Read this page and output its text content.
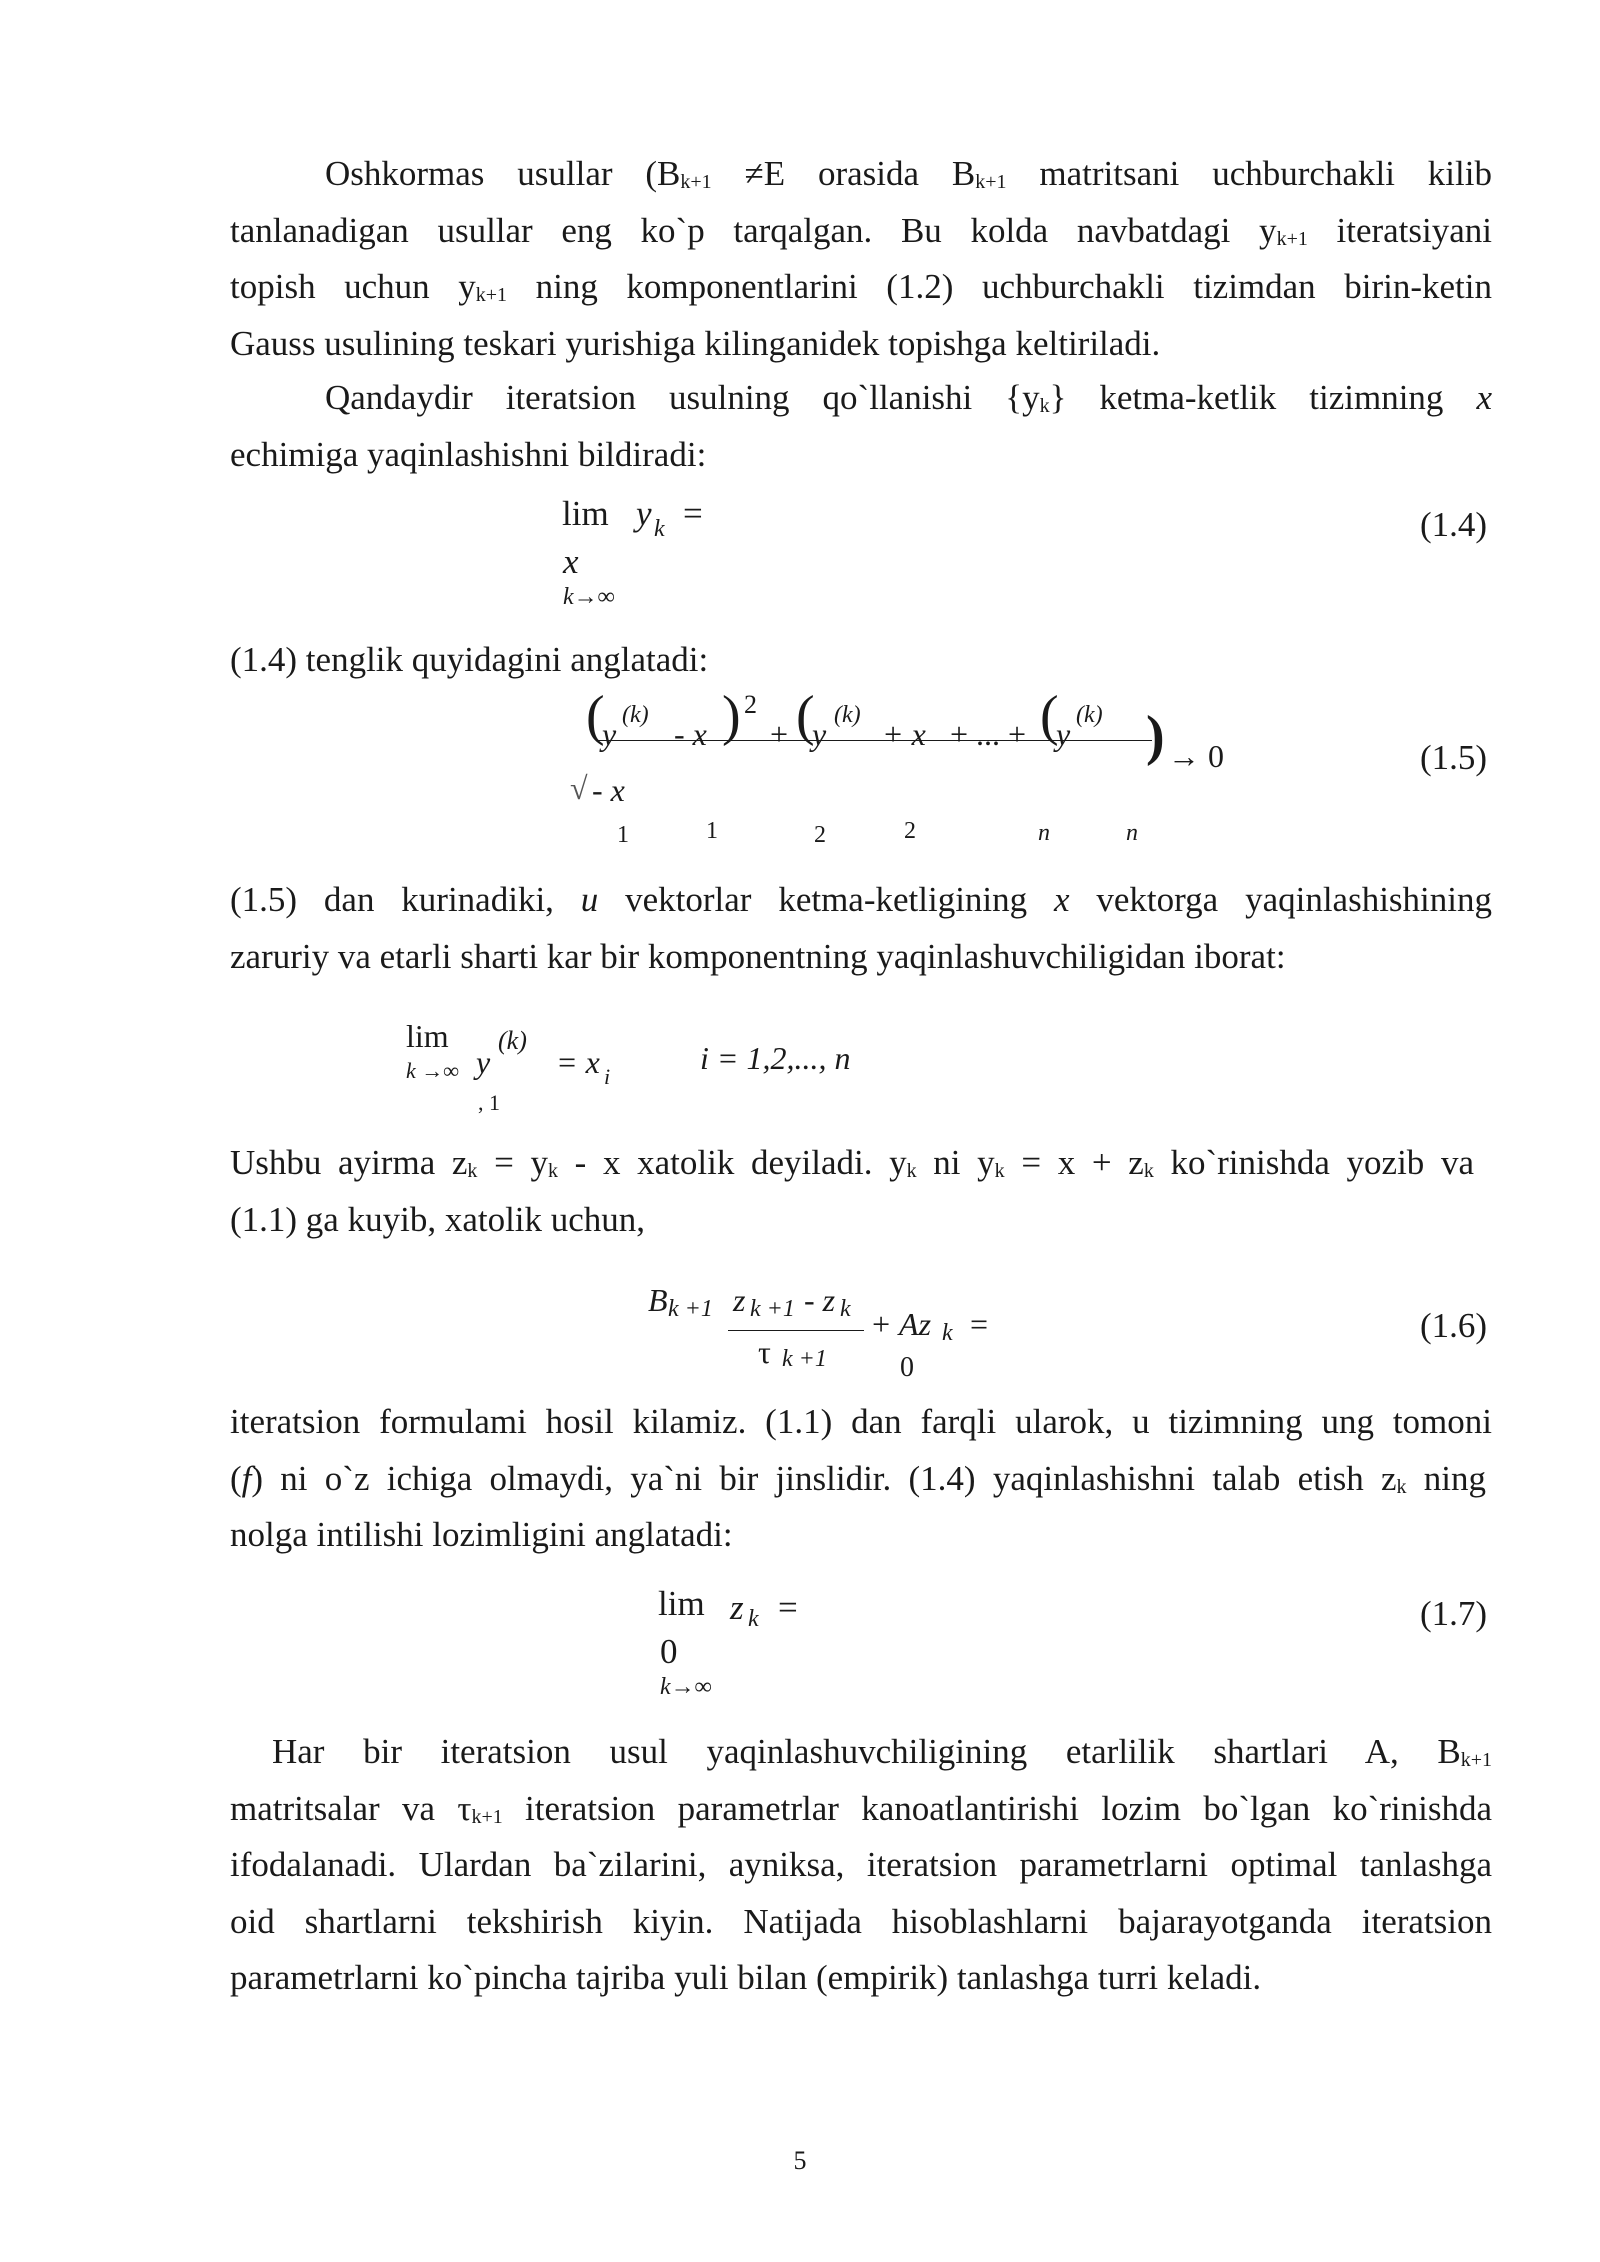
Oshkormas usullar ($B_{k+1} \ne E$ orasida $B_{k+1}$ matritsani uchburchakli kilib
tanlanadigan usullar eng ko`p tarqalgan. Bu kolda navbatdagi $y_{k+1}$ iteratsiyani
topish uchun $y_{k+1}$ ning komponentlarini (1.2) uchburchakli tizimdan birin-ketin
Gauss usulining teskari yurishiga kilinganidek topishga keltiriladi.
Qandaydir iteratsion usulning qo`llanishi $\{y_k\}$ ketma-ketlik tizimning x
echimiga yaqinlashishni bildiradi:
lim y k =
x
k→∞
(1.4)
(1.4) tenglik quyidagini anglatadi:
(
y
(k)
- x ) 2
+ (
y
(k)
+ x + ... + (
y
(k) ) → 0
√ - x
1	1	2	2	n	n
(1.5)
(1.5) dan kurinadiki, u vektorlar ketma-ketligining x vektorga yaqinlashishining
zaruriy va etarli sharti kar bir komponentning yaqinlashuvchiligidan iborat:
lim
k →∞ y
(k)
= x i
i = 1,2,..., n
, 1
Ushbu ayirma $z_k = y_k - x$ xatolik deyiladi. $y_k$ ni $y_k = x + z_k$ ko`rinishda yozib va
(1.1) ga kuyib, xatolik uchun,
B k +1 z k +1 - z k
τ k +1
+ Az k =
0
(1.6)
iteratsion formulami hosil kilamiz. (1.1) dan farqli ularok, u tizimning ung tomoni
(f) ni o`z ichiga olmaydi, ya`ni bir jinslidir. (1.4) yaqinlashishni talab etish $z_k$ ning
nolga intilishi lozimligini anglatadi:
lim z k =
0
k→∞
(1.7)
Har bir iteratsion usul yaqinlashuvchiligining etarlilik shartlari A, $B_{k+1}$
matritsalar va $\tau_{k+1}$ iteratsion parametrlar kanoatlantirishi lozim bo`lgan ko`rinishda
ifodalanadi. Ulardan ba`zilarini, ayniksa, iteratsion parametrlarni optimal tanlashga
oid shartlarni tekshirish kiyin. Natijada hisoblashlarni bajarayotganda iteratsion
parametrlarni ko`pincha tajriba yuli bilan (empirik) tanlashga turri keladi.
5
